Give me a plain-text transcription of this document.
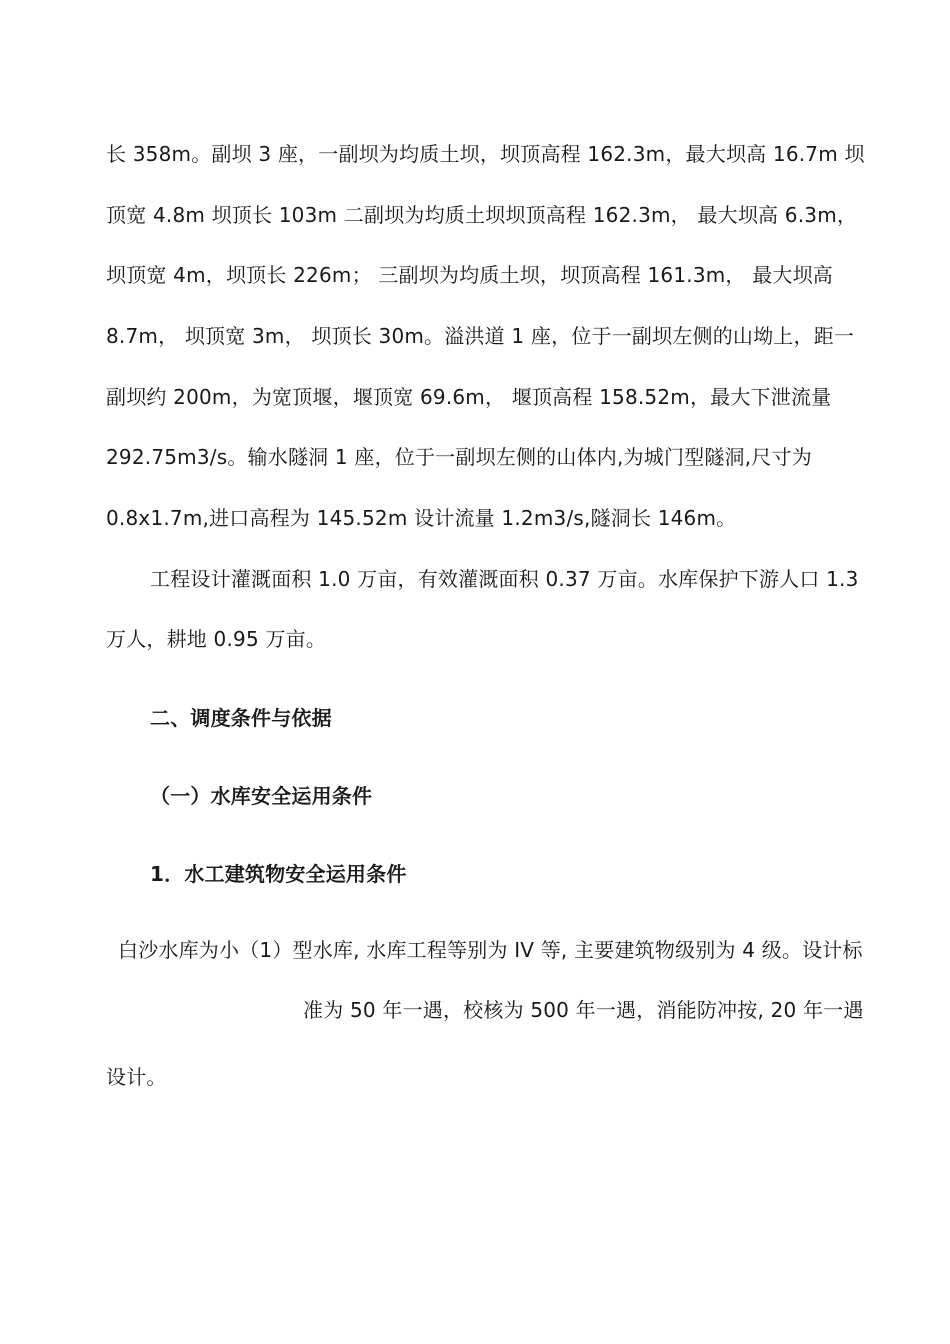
长 358m。副坝 3 座，一副坝为均质土坝，坝顶高程 162.3m，最大坝高 16.7m 坝
顶宽 4.8m 坝顶长 103m 二副坝为均质土坝坝顶高程 162.3m， 最大坝高 6.3m，
坝顶宽 4m，坝顶长 226m； 三副坝为均质土坝，坝顶高程 161.3m， 最大坝高
8.7m， 坝顶宽 3m， 坝顶长 30m。溢洪道 1 座，位于一副坝左侧的山坳上，距一
副坝约 200m，为宽顶堰，堰顶宽 69.6m， 堰顶高程 158.52m，最大下泄流量
292.75m3/s。输水隧洞 1 座，位于一副坝左侧的山体内,为城门型隧洞,尺寸为
0.8x1.7m,进口高程为 145.52m 设计流量 1.2m3/s,隧洞长 146m。
工程设计灌溉面积 1.0 万亩，有效灌溉面积 0.37 万亩。水库保护下游人口 1.3
万人，耕地 0.95 万亩。
二、调度条件与依据
（一）水库安全运用条件
1．水工建筑物安全运用条件
白沙水库为小（1）型水库, 水库工程等别为 IV 等, 主要建筑物级别为 4 级。设计标
准为 50 年一遇，校核为 500 年一遇，消能防冲按, 20 年一遇
设计。
